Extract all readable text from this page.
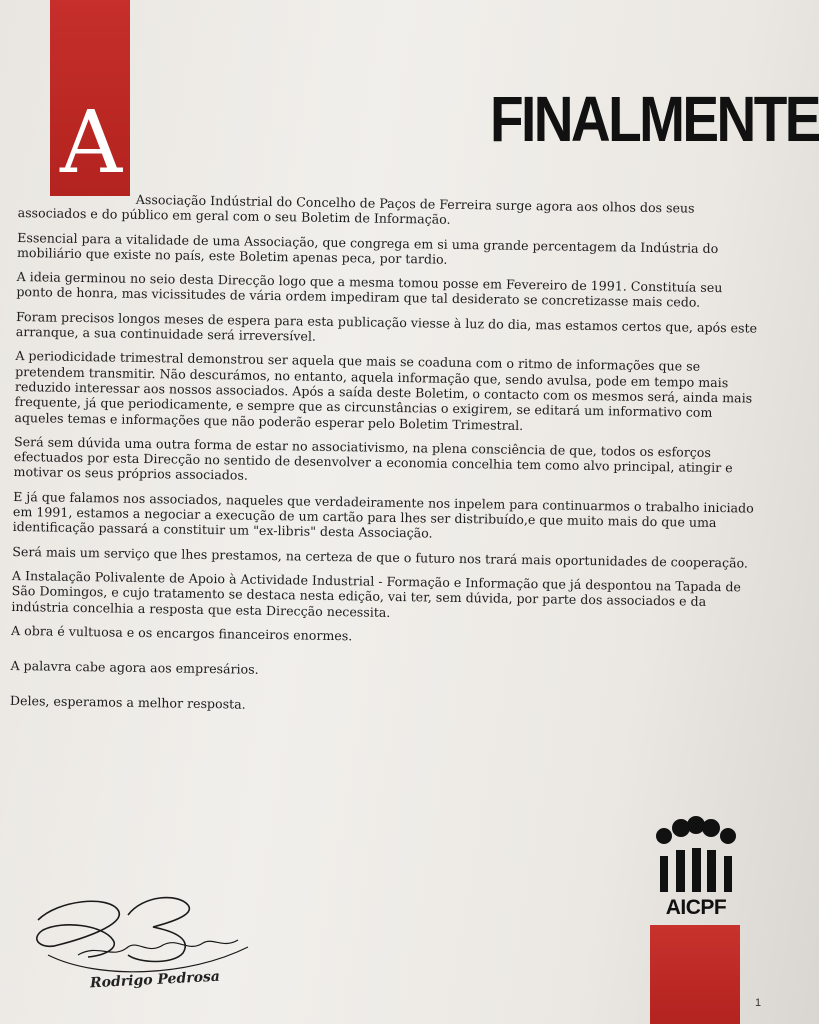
A	FINALMENTE

Associação Indústrial do Concelho de Paços de Ferreira surge agora aos olhos dos seus associados e do público em geral com o seu Boletim de Informação.

Essencial para a vitalidade de uma Associação, que congrega em si uma grande percentagem da Indústria do mobiliário que existe no país, este Boletim apenas peca, por tardio.

A ideia germinou no seio desta Direcção logo que a mesma tomou posse em Fevereiro de 1991. Constituía seu ponto de honra, mas vicissitudes de vária ordem impediram que tal desiderato se concretizasse mais cedo.

Foram precisos longos meses de espera para esta publicação viesse à luz do dia, mas estamos certos que, após este arranque, a sua continuidade será irreversível.

A periodicidade trimestral demonstrou ser aquela que mais se coaduna com o ritmo de informações que se pretendem transmitir. Não descurámos, no entanto, aquela informação que, sendo avulsa, pode em tempo mais reduzido interessar aos nossos associados. Após a saída deste Boletim, o contacto com os mesmos será, ainda mais frequente, já que periodicamente, e sempre que as circunstâncias o exigirem, se editará um informativo com aqueles temas e informações que não poderão esperar pelo Boletim Trimestral.

Será sem dúvida uma outra forma de estar no associativismo, na plena consciência de que, todos os esforços efectuados por esta Direcção no sentido de desenvolver a economia concelhia tem como alvo principal, atingir e motivar os seus próprios associados.

E já que falamos nos associados, naqueles que verdadeiramente nos inpelem para continuarmos o trabalho iniciado em 1991, estamos a negociar a execução de um cartão para lhes ser distribuído,e que muito mais do que uma identificação passará a constituir um "ex-libris" desta Associação.

Será mais um serviço que lhes prestamos, na certeza de que o futuro nos trará mais oportunidades de cooperação.

A Instalação Polivalente de Apoio à Actividade Industrial - Formação e Informação que já despontou na Tapada de São Domingos, e cujo tratamento se destaca nesta edição, vai ter, sem dúvida, por parte dos associados e da indústria concelhia a resposta que esta Direcção necessita.

A obra é vultuosa e os encargos financeiros enormes.

A palavra cabe agora aos empresários.

Deles, esperamos a melhor resposta.

Rodrigo Pedrosa
AICPF
1
